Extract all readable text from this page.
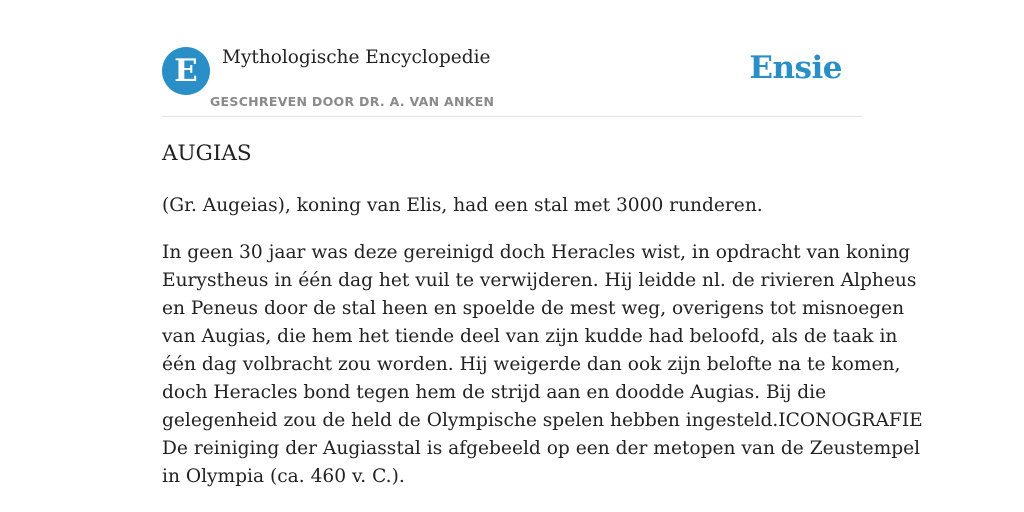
E	Mythologische Encyclopedie
GESCHREVEN DOOR DR. A. VAN ANKEN
Ensie
AUGIAS

(Gr. Augeias), koning van Elis, had een stal met 3000 runderen.

In geen 30 jaar was deze gereinigd doch Heracles wist, in opdracht van koning
Eurystheus in één dag het vuil te verwijderen. Hij leidde nl. de rivieren Alpheus
en Peneus door de stal heen en spoelde de mest weg, overigens tot misnoegen
van Augias, die hem het tiende deel van zijn kudde had beloofd, als de taak in
één dag volbracht zou worden. Hij weigerde dan ook zijn belofte na te komen,
doch Heracles bond tegen hem de strijd aan en doodde Augias. Bij die
gelegenheid zou de held de Olympische spelen hebben ingesteld.ICONOGRAFIE
De reiniging der Augiasstal is afgebeeld op een der metopen van de Zeustempel
in Olympia (ca. 460 v. C.).
